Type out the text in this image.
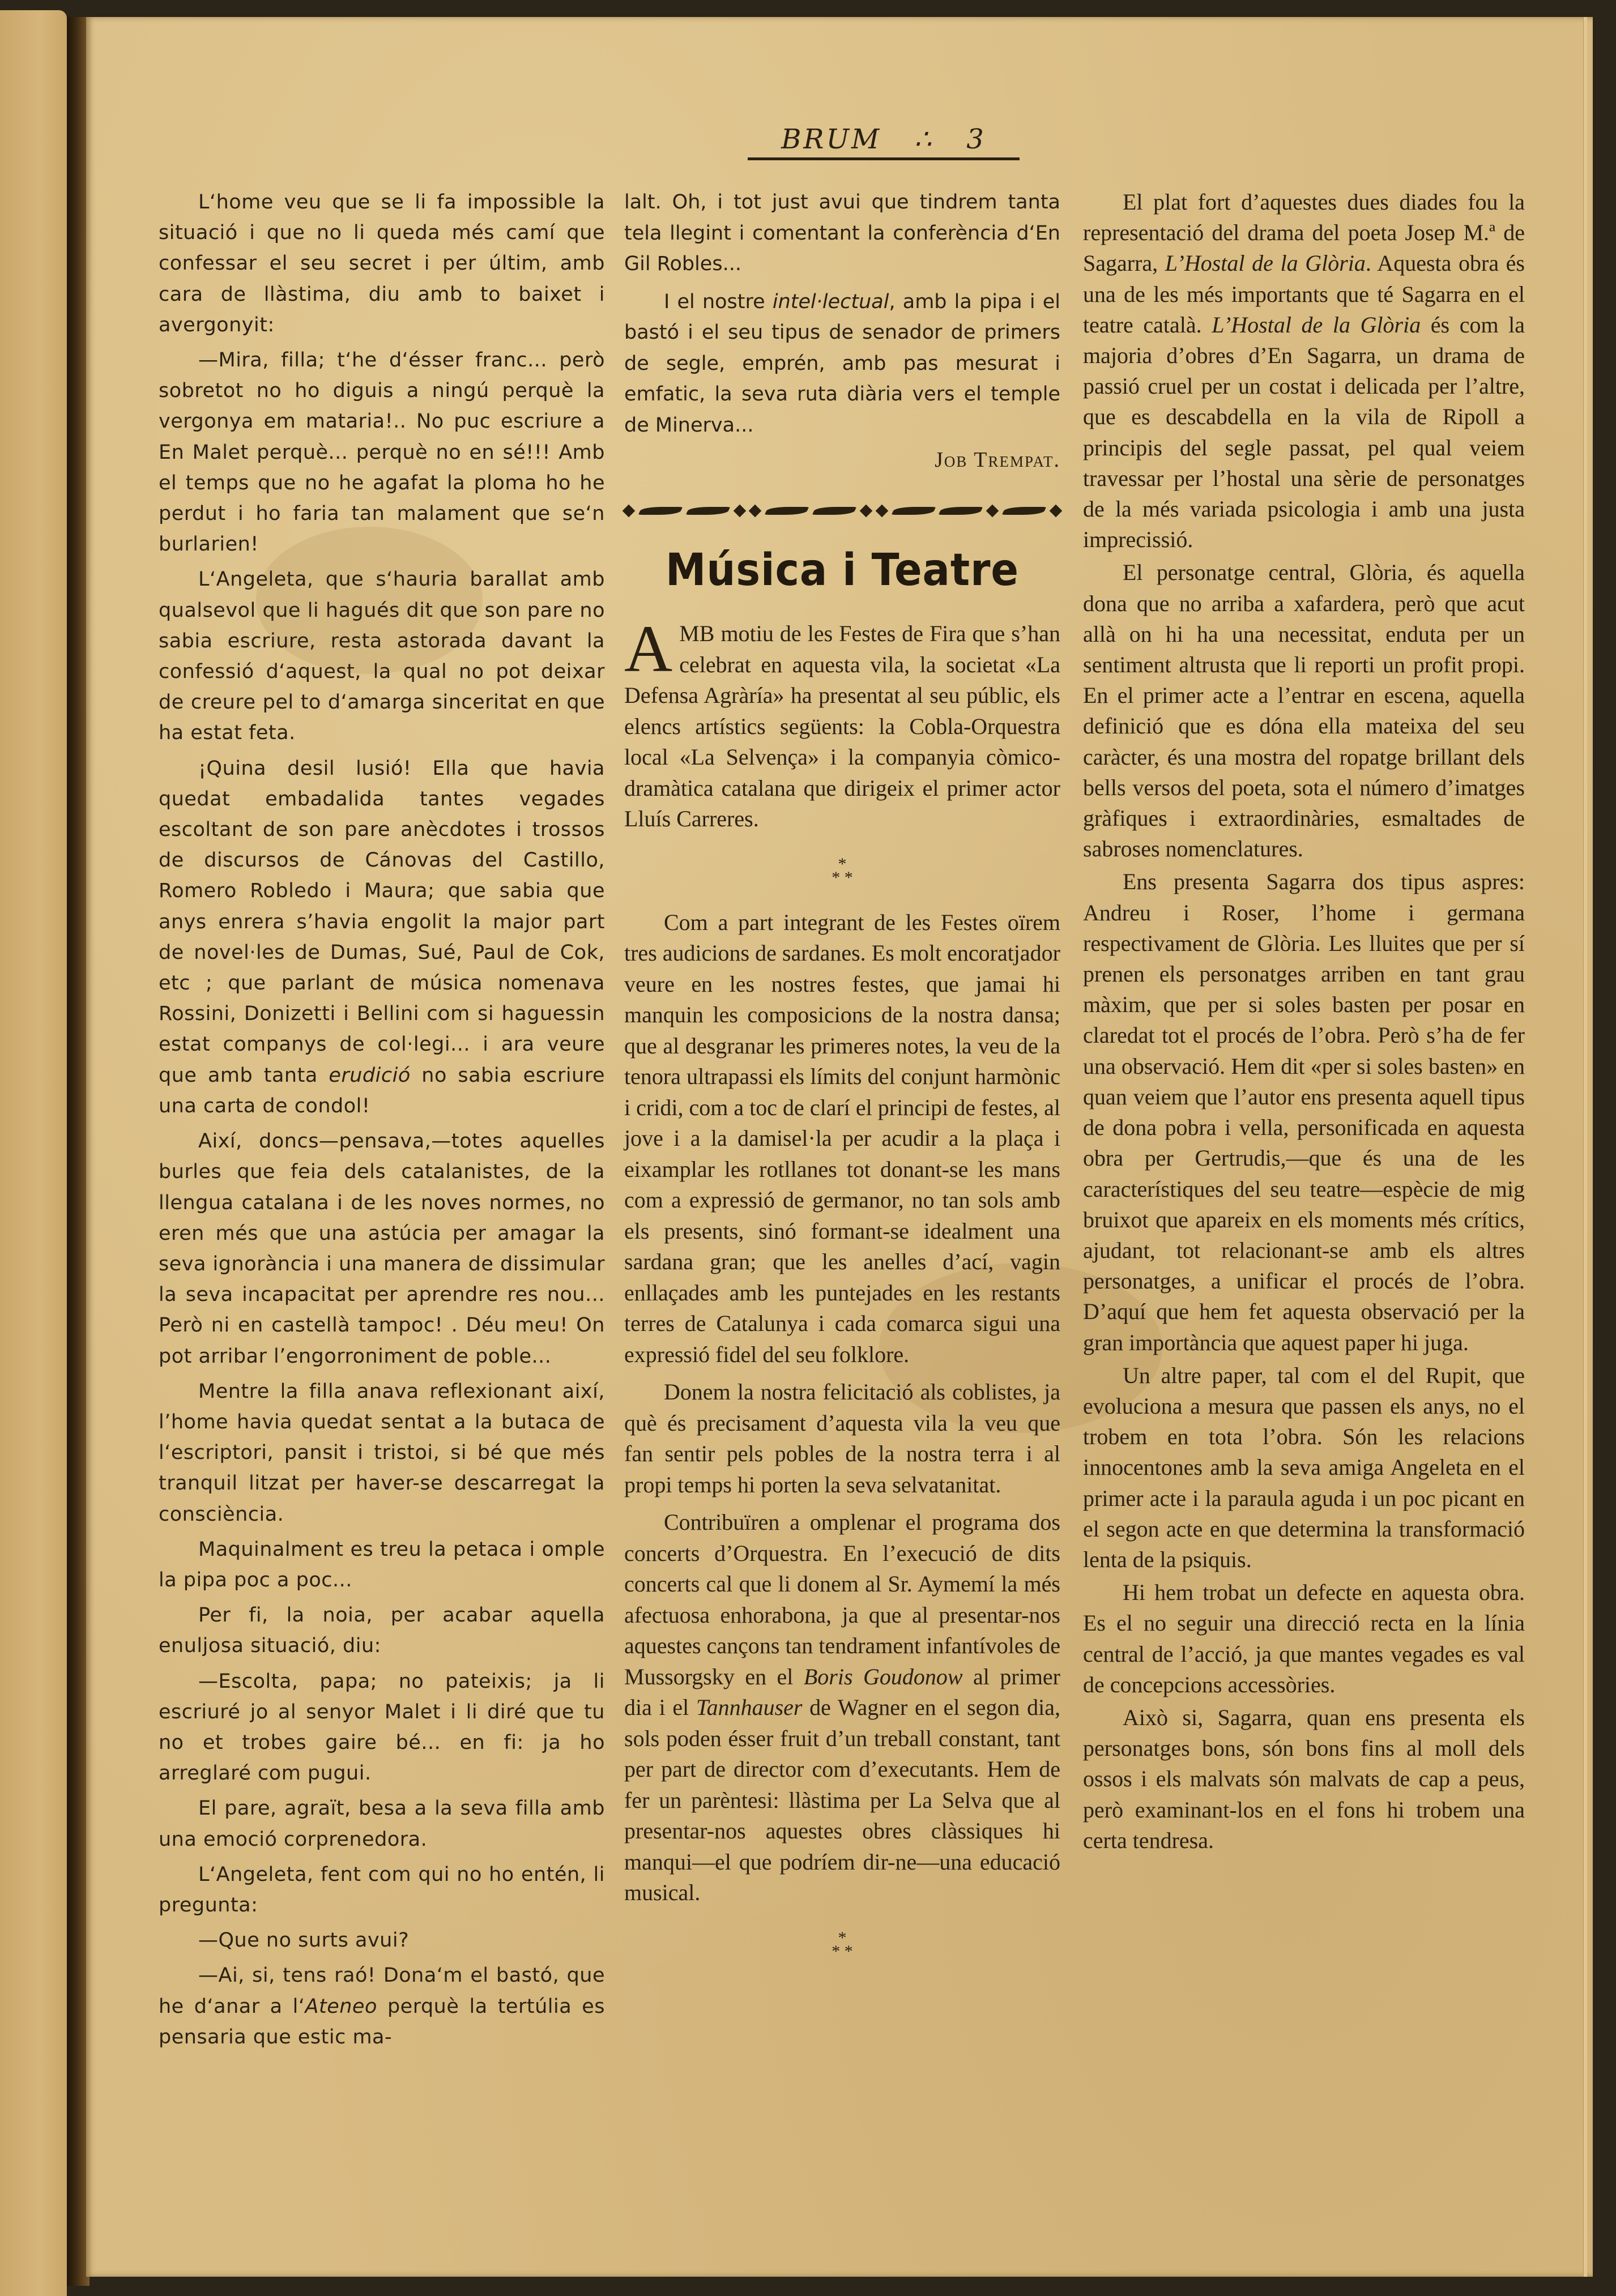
BRUM ∴ 3

L‘home veu que se li fa impossible la situació i que no li queda més camí que confessar el seu secret i per últim, amb cara de llàstima, diu amb to baixet i avergonyit:

—Mira, filla; t‘he d‘ésser franc... però sobretot no ho diguis a ningú perquè la vergonya em mataria!.. No puc escriure a En Malet perquè... perquè no en sé!!! Amb el temps que no he agafat la ploma ho he perdut i ho faria tan malament que se‘n burlarien!

L‘Angeleta, que s‘hauria barallat amb qualsevol que li hagués dit que son pare no sabia escriure, resta astorada davant la confessió d‘aquest, la qual no pot deixar de creure pel to d‘amarga sinceritat en que ha estat feta.

¡Quina desil lusió! Ella que havia quedat embadalida tantes vegades escoltant de son pare anècdotes i trossos de discursos de Cánovas del Castillo, Romero Robledo i Maura; que sabia que anys enrera s’havia engolit la major part de novel·les de Dumas, Sué, Paul de Cok, etc ; que parlant de música nomenava Rossini, Donizetti i Bellini com si haguessin estat companys de col·legi... i ara veure que amb tanta erudició no sabia escriure una carta de condol!

Així, doncs—pensava,—totes aquelles burles que feia dels catalanistes, de la llengua catalana i de les noves normes, no eren més que una astúcia per amagar la seva ignorància i una manera de dissimular la seva incapacitat per aprendre res nou... Però ni en castellà tampoc! . Déu meu! On pot arribar l’engorroniment de poble...

Mentre la filla anava reflexionant així, l’home havia quedat sentat a la butaca de l‘escriptori, pansit i tristoi, si bé que més tranquil litzat per haver-se descarregat la consciència.

Maquinalment es treu la petaca i omple la pipa poc a poc...

Per fi, la noia, per acabar aquella enuljosa situació, diu:

—Escolta, papa; no pateixis; ja li escriuré jo al senyor Malet i li diré que tu no et trobes gaire bé... en fi: ja ho arreglaré com pugui.

El pare, agraït, besa a la seva filla amb una emoció corprenedora.

L‘Angeleta, fent com qui no ho entén, li pregunta:

—Que no surts avui?

—Ai, si, tens raó! Dona‘m el bastó, que he d‘anar a l‘Ateneo perquè la tertúlia es pensaria que estic ma-

lalt. Oh, i tot just avui que tindrem tanta tela llegint i comentant la conferència d‘En Gil Robles...

I el nostre intel·lectual, amb la pipa i el bastó i el seu tipus de senador de primers de segle, emprén, amb pas mesurat i emfatic, la seva ruta diària vers el temple de Minerva...

Job Trempat.
Música i Teatre

AMB motiu de les Festes de Fira que s’han celebrat en aquesta vila, la societat «La Defensa Agràría» ha presentat al seu públic, els elencs artístics següents: la Cobla-Orquestra local «La Selvença» i la companyia còmico-dramàtica catalana que dirigeix el primer actor Lluís Carreres.

*
* *

Com a part integrant de les Festes oïrem tres audicions de sardanes. Es molt encoratjador veure en les nostres festes, que jamai hi manquin les composicions de la nostra dansa; que al desgranar les primeres notes, la veu de la tenora ultrapassi els límits del conjunt harmònic i cridi, com a toc de clarí el principi de festes, al jove i a la damisel·la per acudir a la plaça i eixamplar les rotllanes tot donant-se les mans com a expressió de germanor, no tan sols amb els presents, sinó formant-se idealment una sardana gran; que les anelles d’ací, vagin enllaçades amb les puntejades en les restants terres de Catalunya i cada comarca sigui una expressió fidel del seu folklore.

Donem la nostra felicitació als coblistes, ja què és precisament d’aquesta vila la veu que fan sentir pels pobles de la nostra terra i al propi temps hi porten la seva selvatanitat.

Contribuïren a omplenar el programa dos concerts d’Orquestra. En l’execució de dits concerts cal que li donem al Sr. Aymemí la més afectuosa enhorabona, ja que al presentar-nos aquestes cançons tan tendrament infantívoles de Mussorgsky en el Boris Goudonow al primer dia i el Tannhauser de Wagner en el segon dia, sols poden ésser fruit d’un treball constant, tant per part de director com d’executants. Hem de fer un parèntesi: llàstima per La Selva que al presentar-nos aquestes obres clàssiques hi manqui—el que podríem dir-ne—una educació musical.

*
* *

El plat fort d’aquestes dues diades fou la representació del drama del poeta Josep M.ª de Sagarra, L’Hostal de la Glòria. Aquesta obra és una de les més importants que té Sagarra en el teatre català. L’Hostal de la Glòria és com la majoria d’obres d’En Sagarra, un drama de passió cruel per un costat i delicada per l’altre, que es descabdella en la vila de Ripoll a principis del segle passat, pel qual veiem travessar per l’hostal una sèrie de personatges de la més variada psicologia i amb una justa imprecissió.

El personatge central, Glòria, és aquella dona que no arriba a xafardera, però que acut allà on hi ha una necessitat, enduta per un sentiment altrusta que li reporti un profit propi. En el primer acte a l’entrar en escena, aquella definició que es dóna ella mateixa del seu caràcter, és una mostra del ropatge brillant dels bells versos del poeta, sota el número d’imatges gràfiques i extraordinàries, esmaltades de sabroses nomenclatures.

Ens presenta Sagarra dos tipus aspres: Andreu i Roser, l’home i germana respectivament de Glòria. Les lluites que per sí prenen els personatges arriben en tant grau màxim, que per si soles basten per posar en claredat tot el procés de l’obra. Però s’ha de fer una observació. Hem dit «per si soles basten» en quan veiem que l’autor ens presenta aquell tipus de dona pobra i vella, personificada en aquesta obra per Gertrudis,—que és una de les característiques del seu teatre—espècie de mig bruixot que apareix en els moments més crítics, ajudant, tot relacionant-se amb els altres personatges, a unificar el procés de l’obra. D’aquí que hem fet aquesta observació per la gran importància que aquest paper hi juga.

Un altre paper, tal com el del Rupit, que evoluciona a mesura que passen els anys, no el trobem en tota l’obra. Són les relacions innocentones amb la seva amiga Angeleta en el primer acte i la paraula aguda i un poc picant en el segon acte en que determina la transformació lenta de la psiquis.

Hi hem trobat un defecte en aquesta obra. Es el no seguir una direcció recta en la línia central de l’acció, ja que mantes vegades es val de concepcions accessòries.

Això si, Sagarra, quan ens presenta els personatges bons, són bons fins al moll dels ossos i els malvats són malvats de cap a peus, però examinant-los en el fons hi trobem una certa tendresa.
